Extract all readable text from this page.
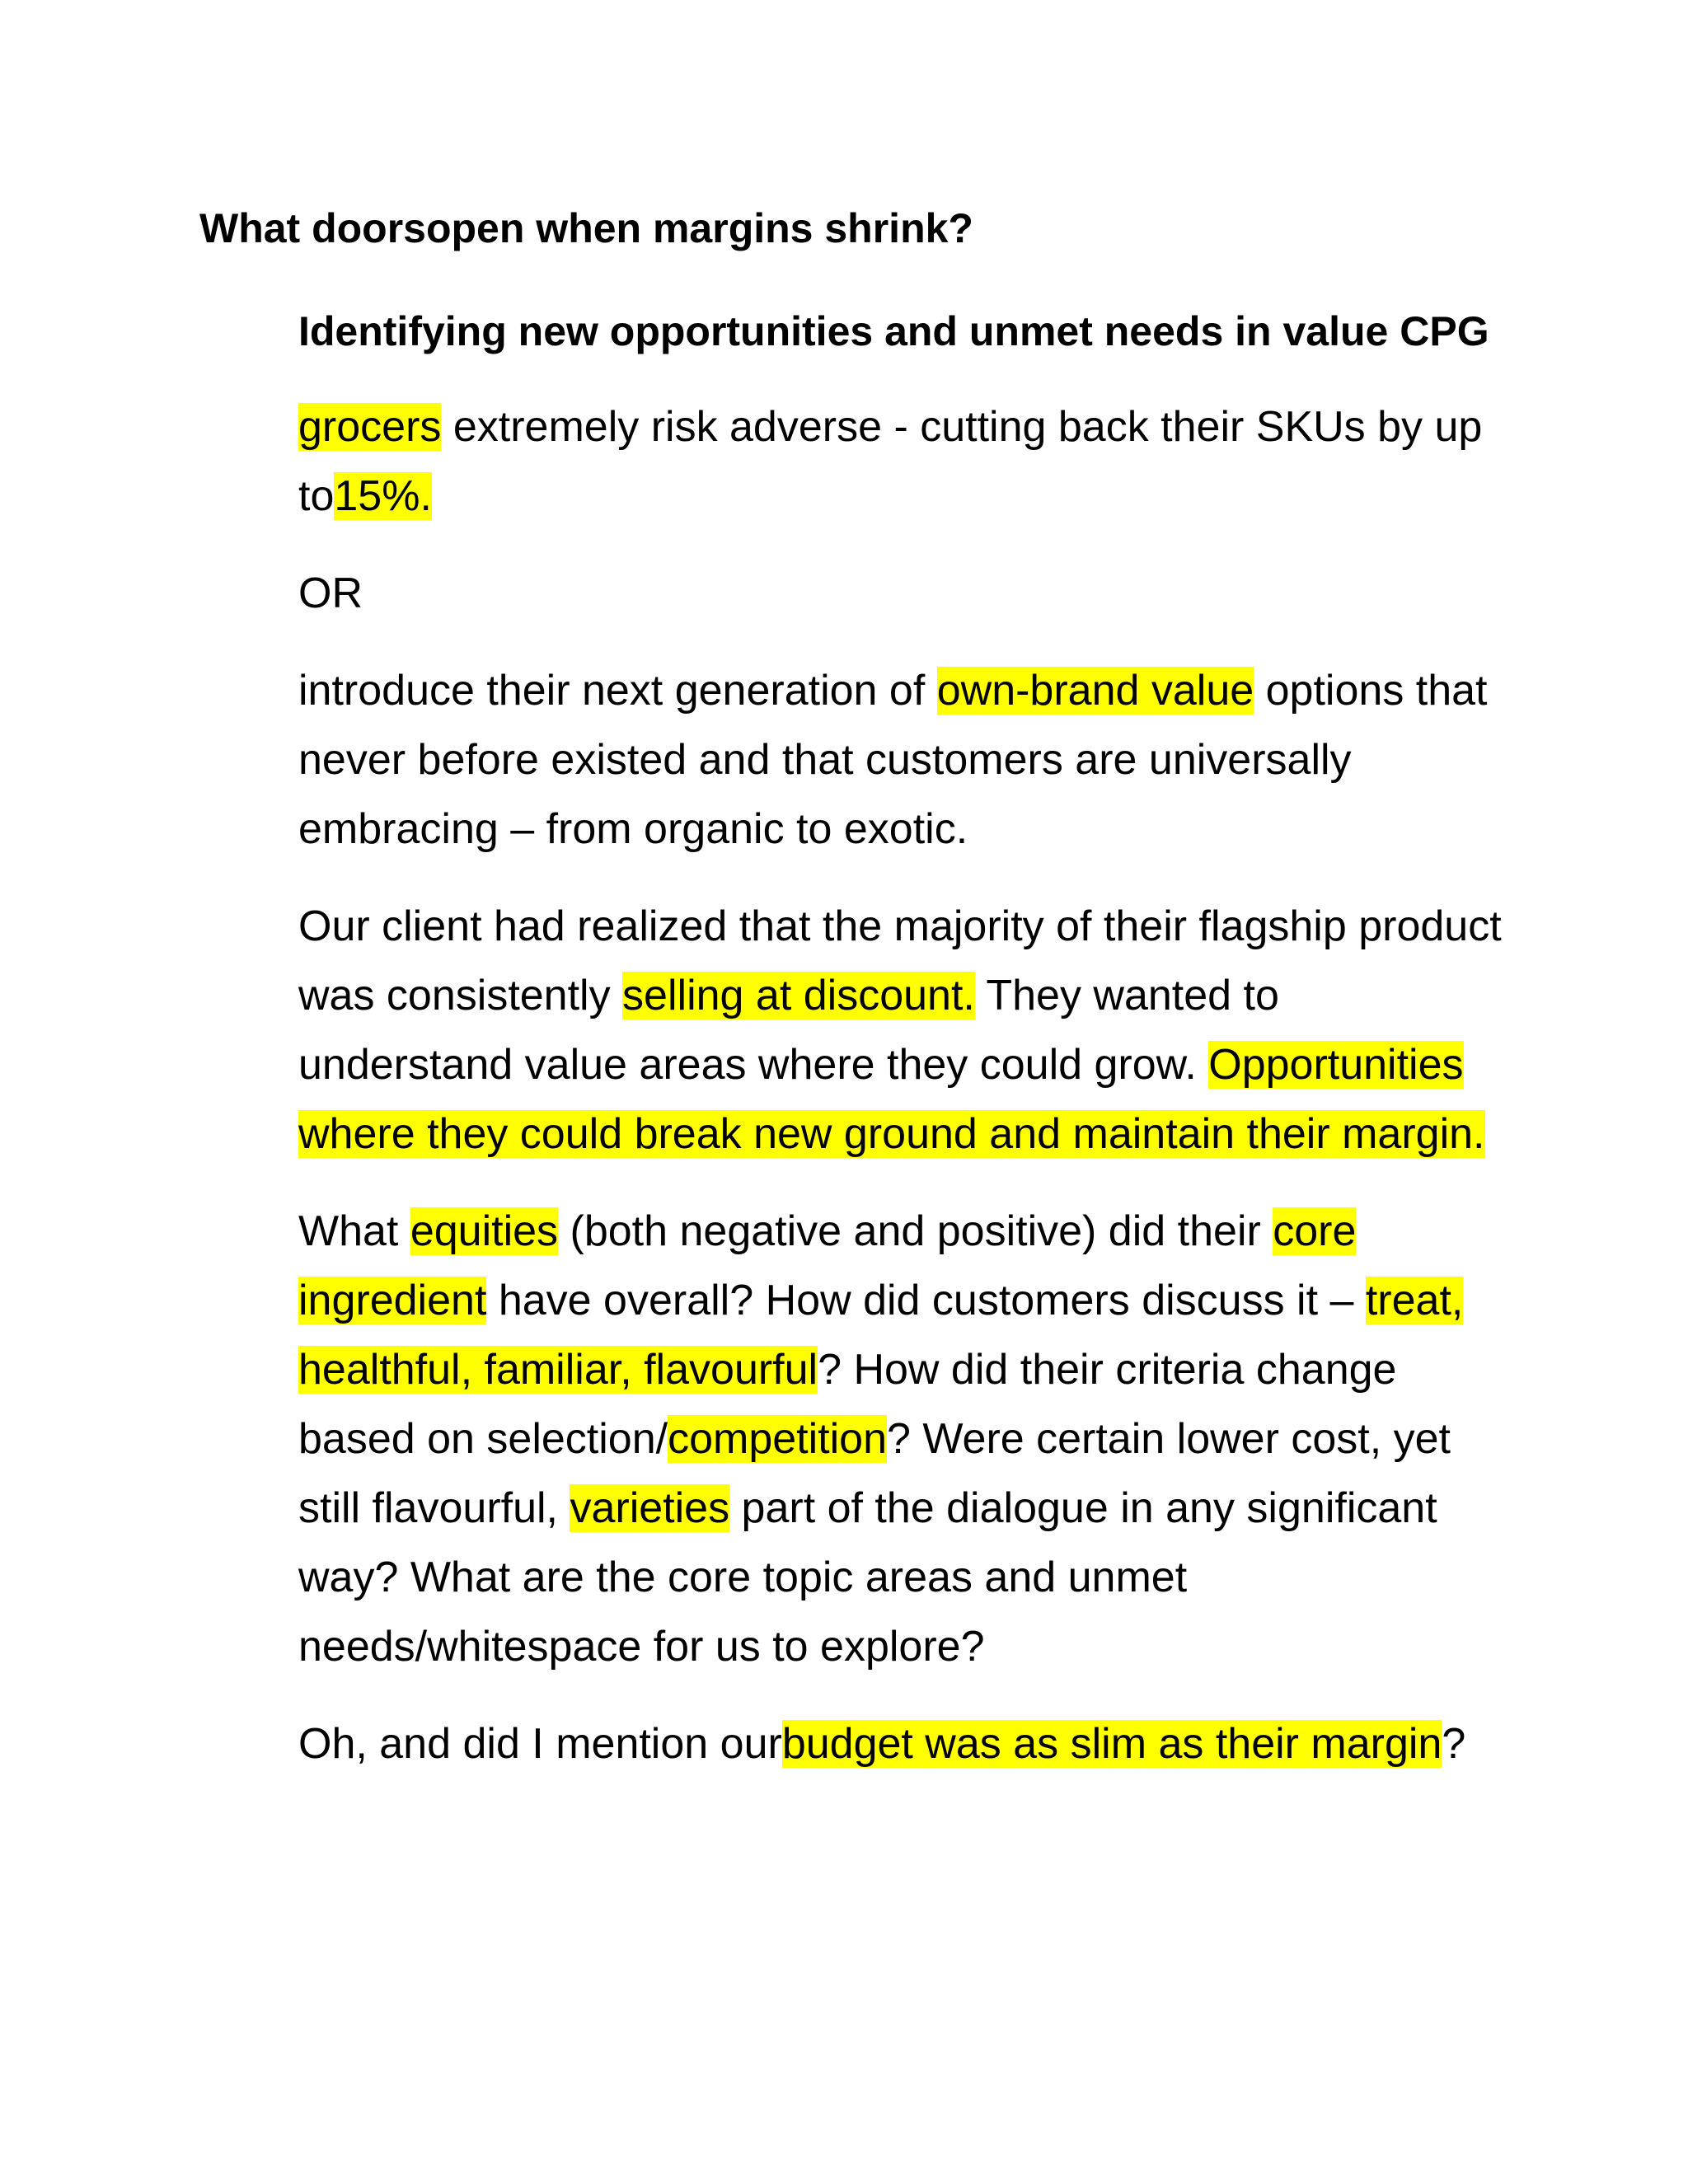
What doorsopen when margins shrink?

Identifying new opportunities and unmet needs in value CPG

grocers extremely risk adverse - cutting back their SKUs by up to15%.

OR

introduce their next generation of own-brand value options that never before existed and that customers are universally embracing – from organic to exotic.

Our client had realized that the majority of their flagship product was consistently selling at discount. They wanted to understand value areas where they could grow. Opportunities where they could break new ground and maintain their margin.

What equities (both negative and positive) did their core ingredient have overall? How did customers discuss it – treat, healthful, familiar, flavourful? How did their criteria change based on selection/competition? Were certain lower cost, yet still flavourful, varieties part of the dialogue in any significant way? What are the core topic areas and unmet needs/whitespace for us to explore?

Oh, and did I mention ourbudget was as slim as their margin?
